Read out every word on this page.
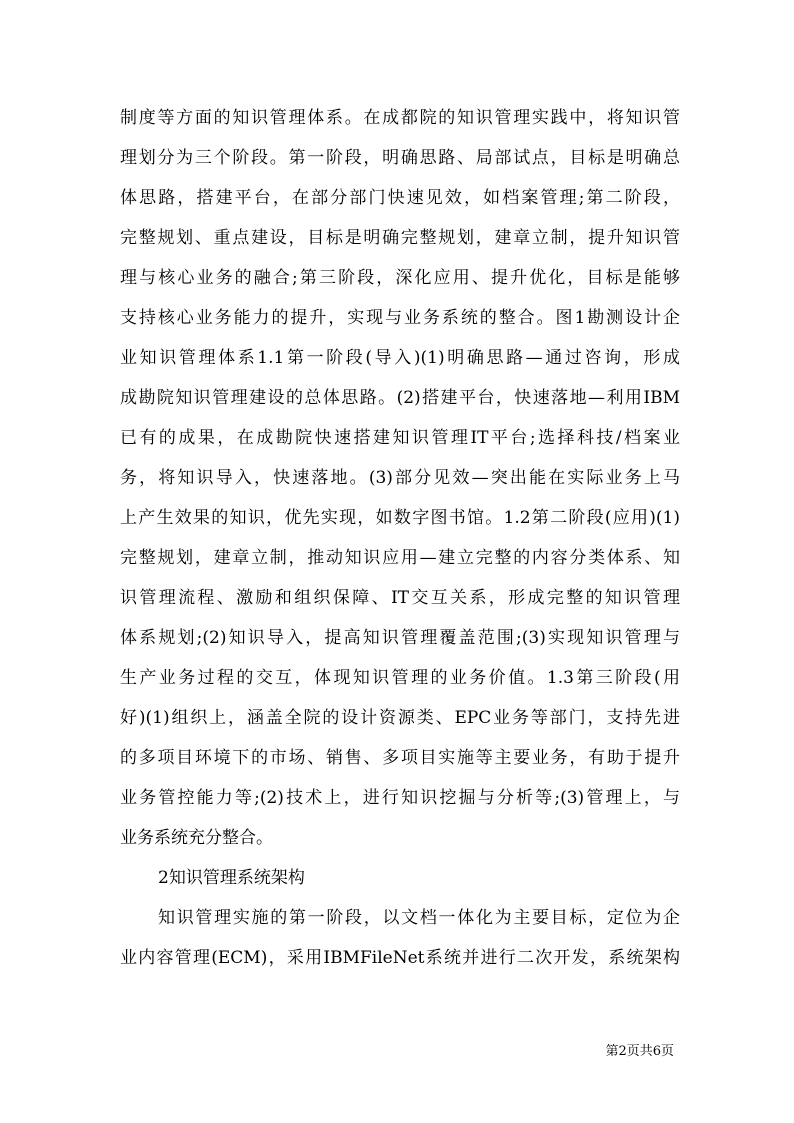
制度等方面的知识管理体系。在成都院的知识管理实践中，将知识管
理划分为三个阶段。第一阶段，明确思路、局部试点，目标是明确总
体思路，搭建平台，在部分部门快速见效，如档案管理;第二阶段，
完整规划、重点建设，目标是明确完整规划，建章立制，提升知识管
理与核心业务的融合;第三阶段，深化应用、提升优化，目标是能够
支持核心业务能力的提升，实现与业务系统的整合。图1勘测设计企
业知识管理体系1.1第一阶段(导入)(1)明确思路—通过咨询，形成
成勘院知识管理建设的总体思路。(2)搭建平台，快速落地—利用IBM
已有的成果，在成勘院快速搭建知识管理IT平台;选择科技/档案业
务，将知识导入，快速落地。(3)部分见效—突出能在实际业务上马
上产生效果的知识，优先实现，如数字图书馆。1.2第二阶段(应用)(1)
完整规划，建章立制，推动知识应用—建立完整的内容分类体系、知
识管理流程、激励和组织保障、IT交互关系，形成完整的知识管理
体系规划;(2)知识导入，提高知识管理覆盖范围;(3)实现知识管理与
生产业务过程的交互，体现知识管理的业务价值。1.3第三阶段(用
好)(1)组织上，涵盖全院的设计资源类、EPC业务等部门，支持先进
的多项目环境下的市场、销售、多项目实施等主要业务，有助于提升
业务管控能力等;(2)技术上，进行知识挖掘与分析等;(3)管理上，与
业务系统充分整合。
2知识管理系统架构
知识管理实施的第一阶段，以文档一体化为主要目标，定位为企
业内容管理(ECM)，采用IBMFileNet系统并进行二次开发，系统架构
第2页共6页
